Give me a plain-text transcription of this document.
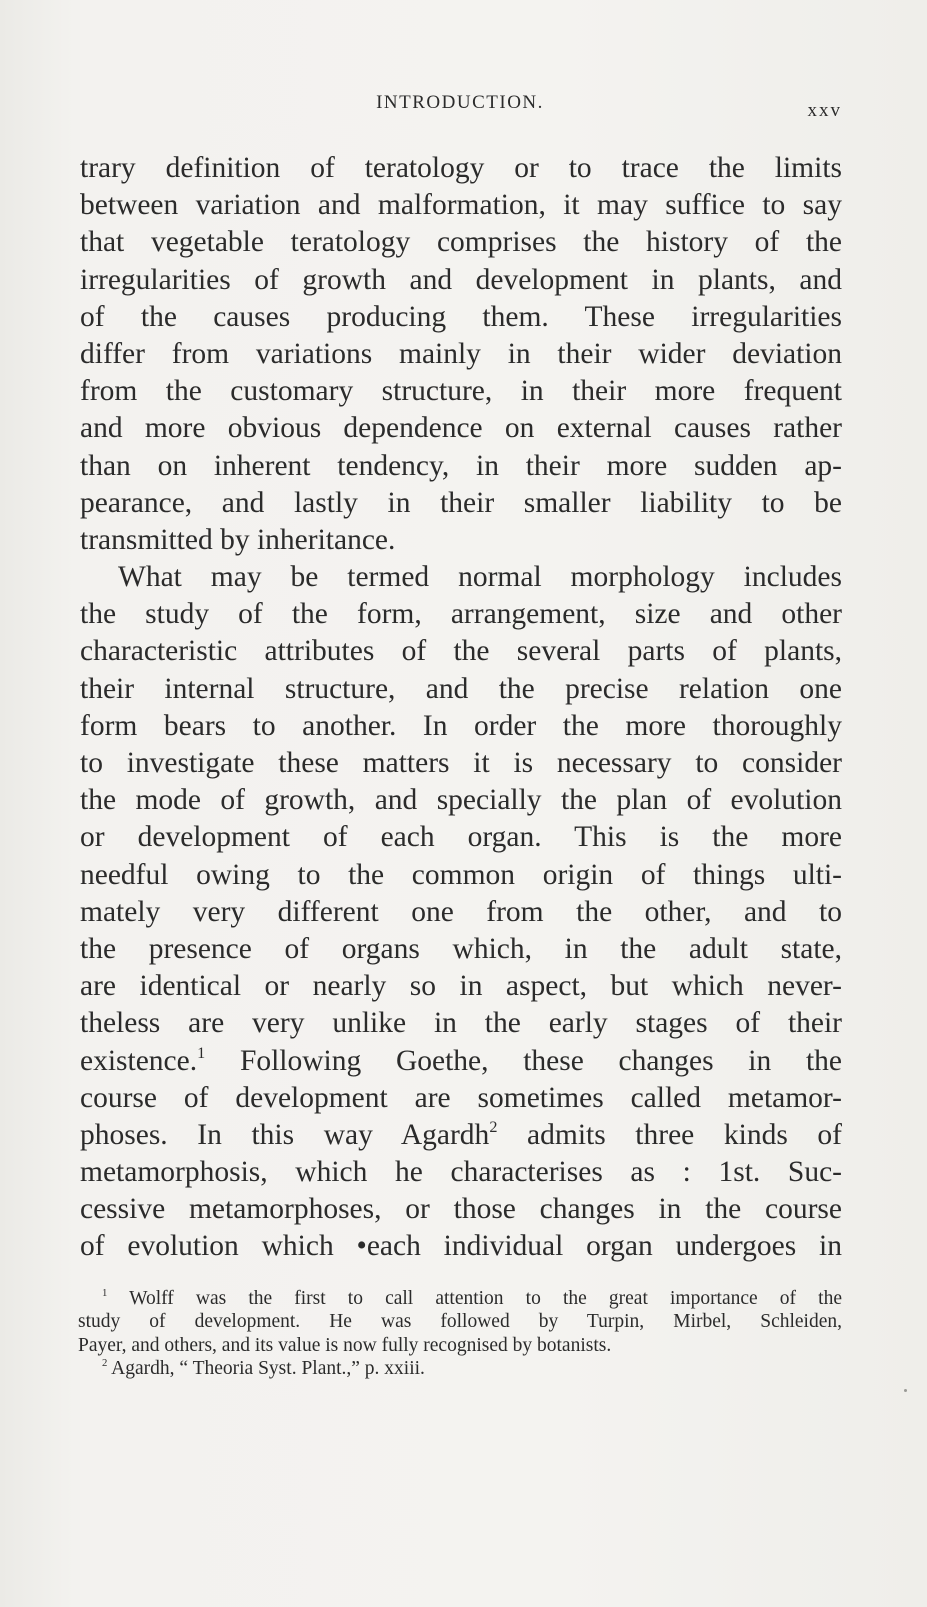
INTRODUCTION.	xxv
trary definition of teratology or to trace the limits
between variation and malformation, it may suffice to say
that vegetable teratology comprises the history of the
irregularities of growth and development in plants, and
of the causes producing them. These irregularities
differ from variations mainly in their wider deviation
from the customary structure, in their more frequent
and more obvious dependence on external causes rather
than on inherent tendency, in their more sudden ap-
pearance, and lastly in their smaller liability to be
transmitted by inheritance.
What may be termed normal morphology includes
the study of the form, arrangement, size and other
characteristic attributes of the several parts of plants,
their internal structure, and the precise relation one
form bears to another. In order the more thoroughly
to investigate these matters it is necessary to consider
the mode of growth, and specially the plan of evolution
or development of each organ. This is the more
needful owing to the common origin of things ulti-
mately very different one from the other, and to
the presence of organs which, in the adult state,
are identical or nearly so in aspect, but which never-
theless are very unlike in the early stages of their
existence.$^1$ Following Goethe, these changes in the
course of development are sometimes called metamor-
phoses. In this way Agardh$^2$ admits three kinds of
metamorphosis, which he characterises as : 1st. Suc-
cessive metamorphoses, or those changes in the course
of evolution which •each individual organ undergoes in
$^1$ Wolff was the first to call attention to the great importance of the
study of development. He was followed by Turpin, Mirbel, Schleiden,
Payer, and others, and its value is now fully recognised by botanists.
$^2$ Agardh, “ Theoria Syst. Plant.,” p. xxiii.
